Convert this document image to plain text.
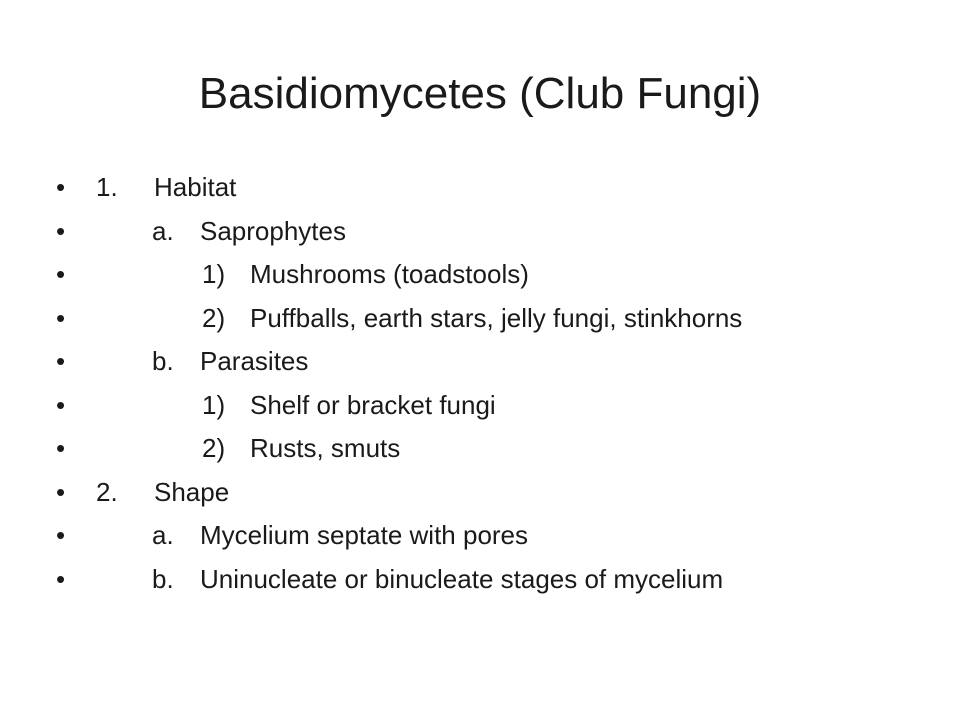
Basidiomycetes (Club Fungi)
•	1. Habitat
•	a. Saprophytes
•	1) Mushrooms (toadstools)
•	2) Puffballs, earth stars, jelly fungi, stinkhorns
•	b. Parasites
•	1) Shelf or bracket fungi
•	2) Rusts, smuts
•	2. Shape
•	a. Mycelium septate with pores
•	b. Uninucleate or binucleate stages of mycelium
